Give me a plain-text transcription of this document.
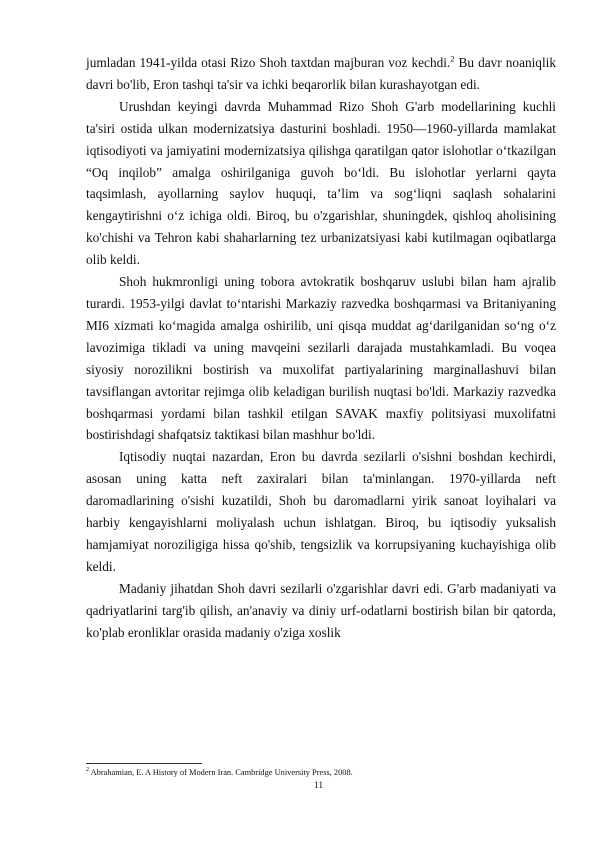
jumladan 1941-yilda otasi Rizo Shoh taxtdan majburan voz kechdi.$^2$ Bu davr noaniqlik davri bo'lib, Eron tashqi ta'sir va ichki beqarorlik bilan kurashayotgan edi.

Urushdan keyingi davrda Muhammad Rizo Shoh G'arb modellarining kuchli ta'siri ostida ulkan modernizatsiya dasturini boshladi. 1950—1960-yillarda mamlakat iqtisodiyoti va jamiyatini modernizatsiya qilishga qaratilgan qator islohotlar oʻtkazilgan “Oq inqilob” amalga oshirilganiga guvoh boʻldi. Bu islohotlar yerlarni qayta taqsimlash, ayollarning saylov huquqi, ta’lim va sog‘liqni saqlash sohalarini kengaytirishni o‘z ichiga oldi. Biroq, bu o'zgarishlar, shuningdek, qishloq aholisining ko'chishi va Tehron kabi shaharlarning tez urbanizatsiyasi kabi kutilmagan oqibatlarga olib keldi.

Shoh hukmronligi uning tobora avtokratik boshqaruv uslubi bilan ham ajralib turardi. 1953-yilgi davlat toʻntarishi Markaziy razvedka boshqarmasi va Britaniyaning MI6 xizmati koʻmagida amalga oshirilib, uni qisqa muddat agʻdarilganidan soʻng oʻz lavozimiga tikladi va uning mavqeini sezilarli darajada mustahkamladi. Bu voqea siyosiy norozilikni bostirish va muxolifat partiyalarining marginallashuvi bilan tavsiflangan avtoritar rejimga olib keladigan burilish nuqtasi bo'ldi. Markaziy razvedka boshqarmasi yordami bilan tashkil etilgan SAVAK maxfiy politsiyasi muxolifatni bostirishdagi shafqatsiz taktikasi bilan mashhur bo'ldi.

Iqtisodiy nuqtai nazardan, Eron bu davrda sezilarli o'sishni boshdan kechirdi, asosan uning katta neft zaxiralari bilan ta'minlangan. 1970-yillarda neft daromadlarining o'sishi kuzatildi, Shoh bu daromadlarni yirik sanoat loyihalari va harbiy kengayishlarni moliyalash uchun ishlatgan. Biroq, bu iqtisodiy yuksalish hamjamiyat noroziligiga hissa qo'shib, tengsizlik va korrupsiyaning kuchayishiga olib keldi.

Madaniy jihatdan Shoh davri sezilarli o'zgarishlar davri edi. G'arb madaniyati va qadriyatlarini targ'ib qilish, an'anaviy va diniy urf-odatlarni bostirish bilan bir qatorda, ko'plab eronliklar orasida madaniy o'ziga xoslik

$^2$ Abrahamian, E. A History of Modern Iran. Cambridge University Press, 2008.
11
